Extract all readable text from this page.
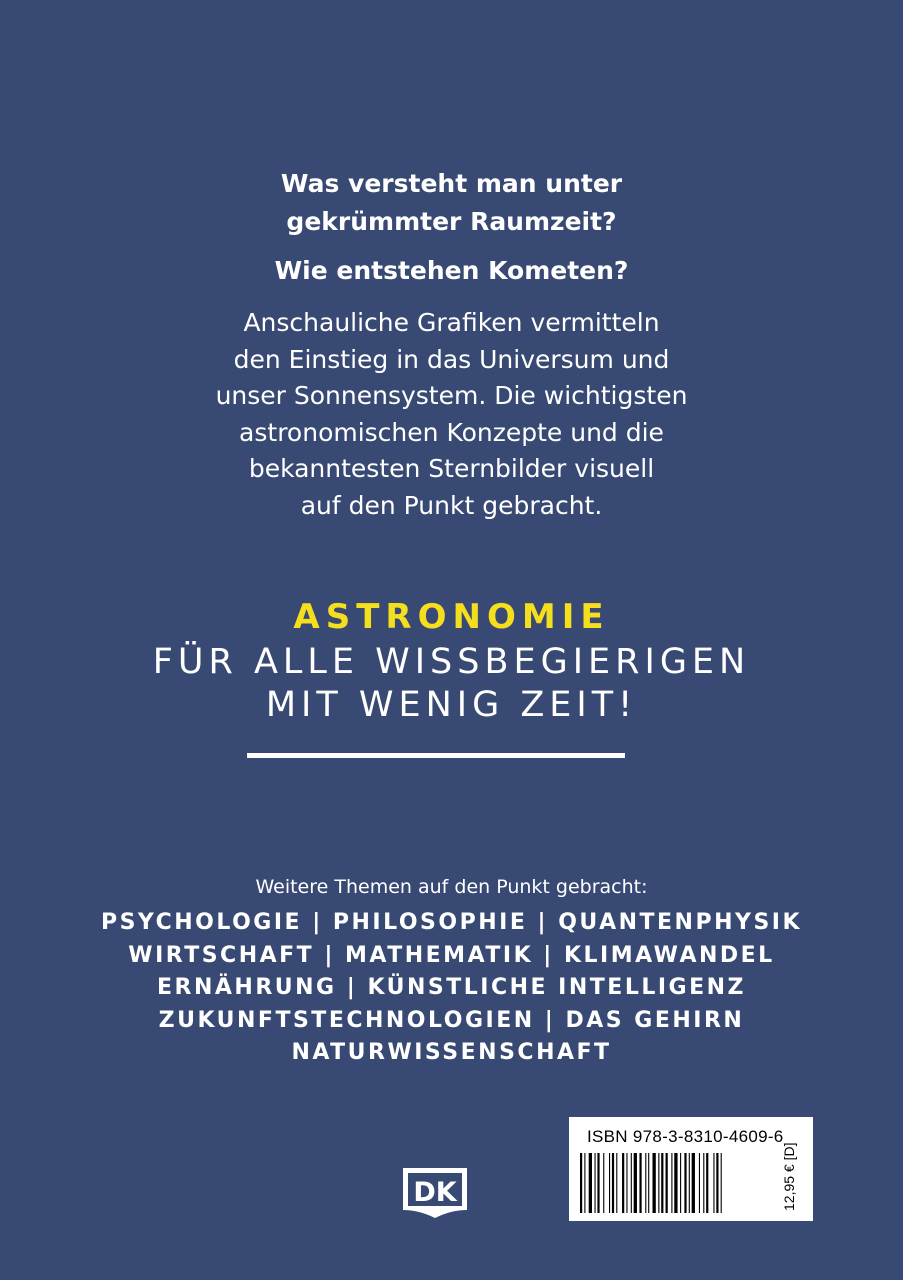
Was versteht man unter
gekrümmter Raumzeit?
Wie entstehen Kometen?
Anschauliche Grafiken vermitteln
den Einstieg in das Universum und
unser Sonnensystem. Die wichtigsten
astronomischen Konzepte und die
bekanntesten Sternbilder visuell
auf den Punkt gebracht.
ASTRONOMIE
FÜR ALLE WISSBEGIERIGEN
MIT WENIG ZEIT!
Weitere Themen auf den Punkt gebracht:
PSYCHOLOGIE | PHILOSOPHIE | QUANTENPHYSIK
WIRTSCHAFT | MATHEMATIK | KLIMAWANDEL
ERNÄHRUNG | KÜNSTLICHE INTELLIGENZ
ZUKUNFTSTECHNOLOGIEN | DAS GEHIRN
NATURWISSENSCHAFT
DK
ISBN 978-3-8310-4609-6
12,95 € [D]
